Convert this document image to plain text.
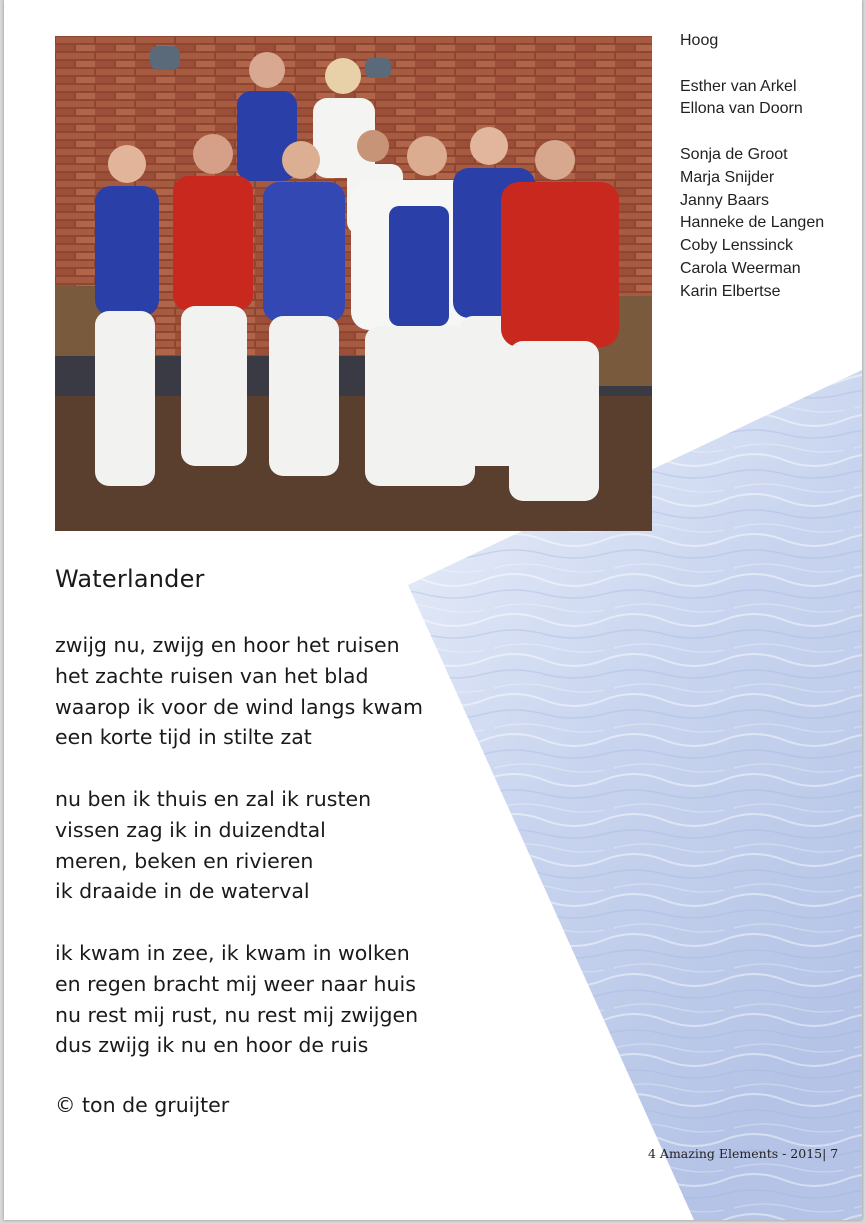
Hoog
Esther van Arkel
Ellona van Doorn
Sonja de Groot
Marja Snijder
Janny Baars
Hanneke de Langen
Coby Lenssinck
Carola Weerman
Karin Elbertse
Waterlander
zwijg nu, zwijg en hoor het ruisen
het zachte ruisen van het blad
waarop ik voor de wind langs kwam
een korte tijd in stilte zat
nu ben ik thuis en zal ik rusten
vissen zag ik in duizendtal
meren, beken en rivieren
ik draaide in de waterval
ik kwam in zee, ik kwam in wolken
en regen bracht mij weer naar huis
nu rest mij rust, nu rest mij zwijgen
dus zwijg ik nu en hoor de ruis
© ton de gruijter
4 Amazing Elements - 2015| 7
